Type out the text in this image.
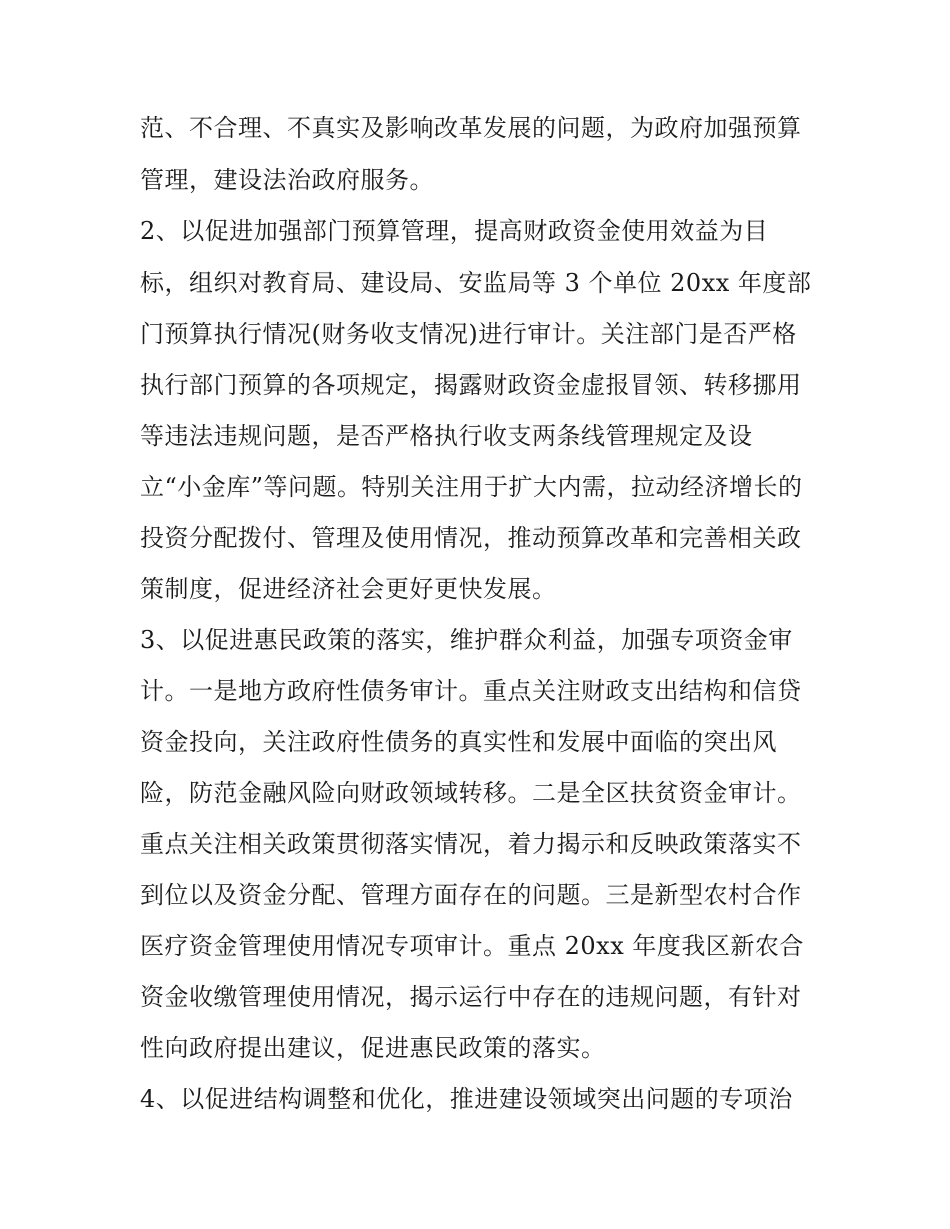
范、不合理、不真实及影响改革发展的问题，为政府加强预算
管理，建设法治政府服务。
2、以促进加强部门预算管理，提高财政资金使用效益为目
标，组织对教育局、建设局、安监局等 3 个单位 20xx 年度部
门预算执行情况(财务收支情况)进行审计。关注部门是否严格
执行部门预算的各项规定，揭露财政资金虚报冒领、转移挪用
等违法违规问题，是否严格执行收支两条线管理规定及设
立“小金库”等问题。特别关注用于扩大内需，拉动经济增长的
投资分配拨付、管理及使用情况，推动预算改革和完善相关政
策制度，促进经济社会更好更快发展。
3、以促进惠民政策的落实，维护群众利益，加强专项资金审
计。一是地方政府性债务审计。重点关注财政支出结构和信贷
资金投向，关注政府性债务的真实性和发展中面临的突出风
险，防范金融风险向财政领域转移。二是全区扶贫资金审计。
重点关注相关政策贯彻落实情况，着力揭示和反映政策落实不
到位以及资金分配、管理方面存在的问题。三是新型农村合作
医疗资金管理使用情况专项审计。重点 20xx 年度我区新农合
资金收缴管理使用情况，揭示运行中存在的违规问题，有针对
性向政府提出建议，促进惠民政策的落实。
4、以促进结构调整和优化，推进建设领域突出问题的专项治
